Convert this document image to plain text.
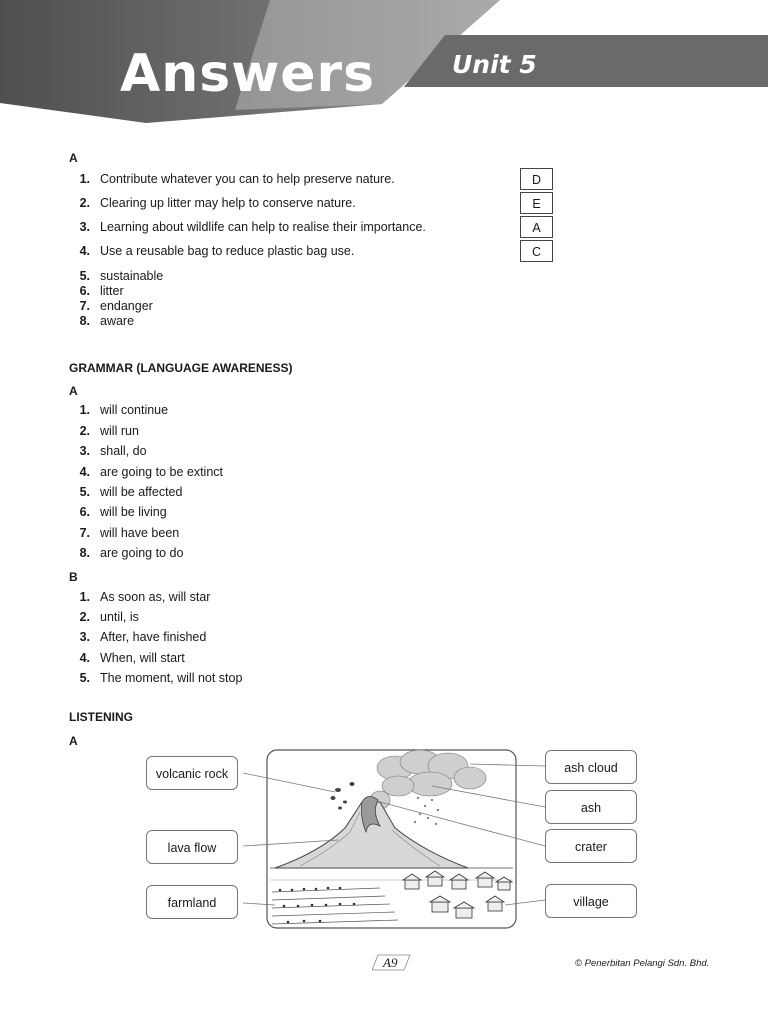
Answers	Unit 5
A
1. Contribute whatever you can to help preserve nature.
2. Clearing up litter may help to conserve nature.
3. Learning about wildlife can help to realise their importance.
4. Use a reusable bag to reduce plastic bag use.
D
E
A
C
5. sustainable
6. litter
7. endanger
8. aware
GRAMMAR (LANGUAGE AWARENESS)
A
1. will continue
2. will run
3. shall, do
4. are going to be extinct
5. will be affected
6. will be living
7. will have been
8. are going to do
B
1. As soon as, will star
2. until, is
3. After, have finished
4. When, will start
5. The moment, will not stop
LISTENING
A
volcanic rock
lava flow
farmland
ash cloud
ash
crater
village
A9	© Penerbitan Pelangi Sdn. Bhd.
